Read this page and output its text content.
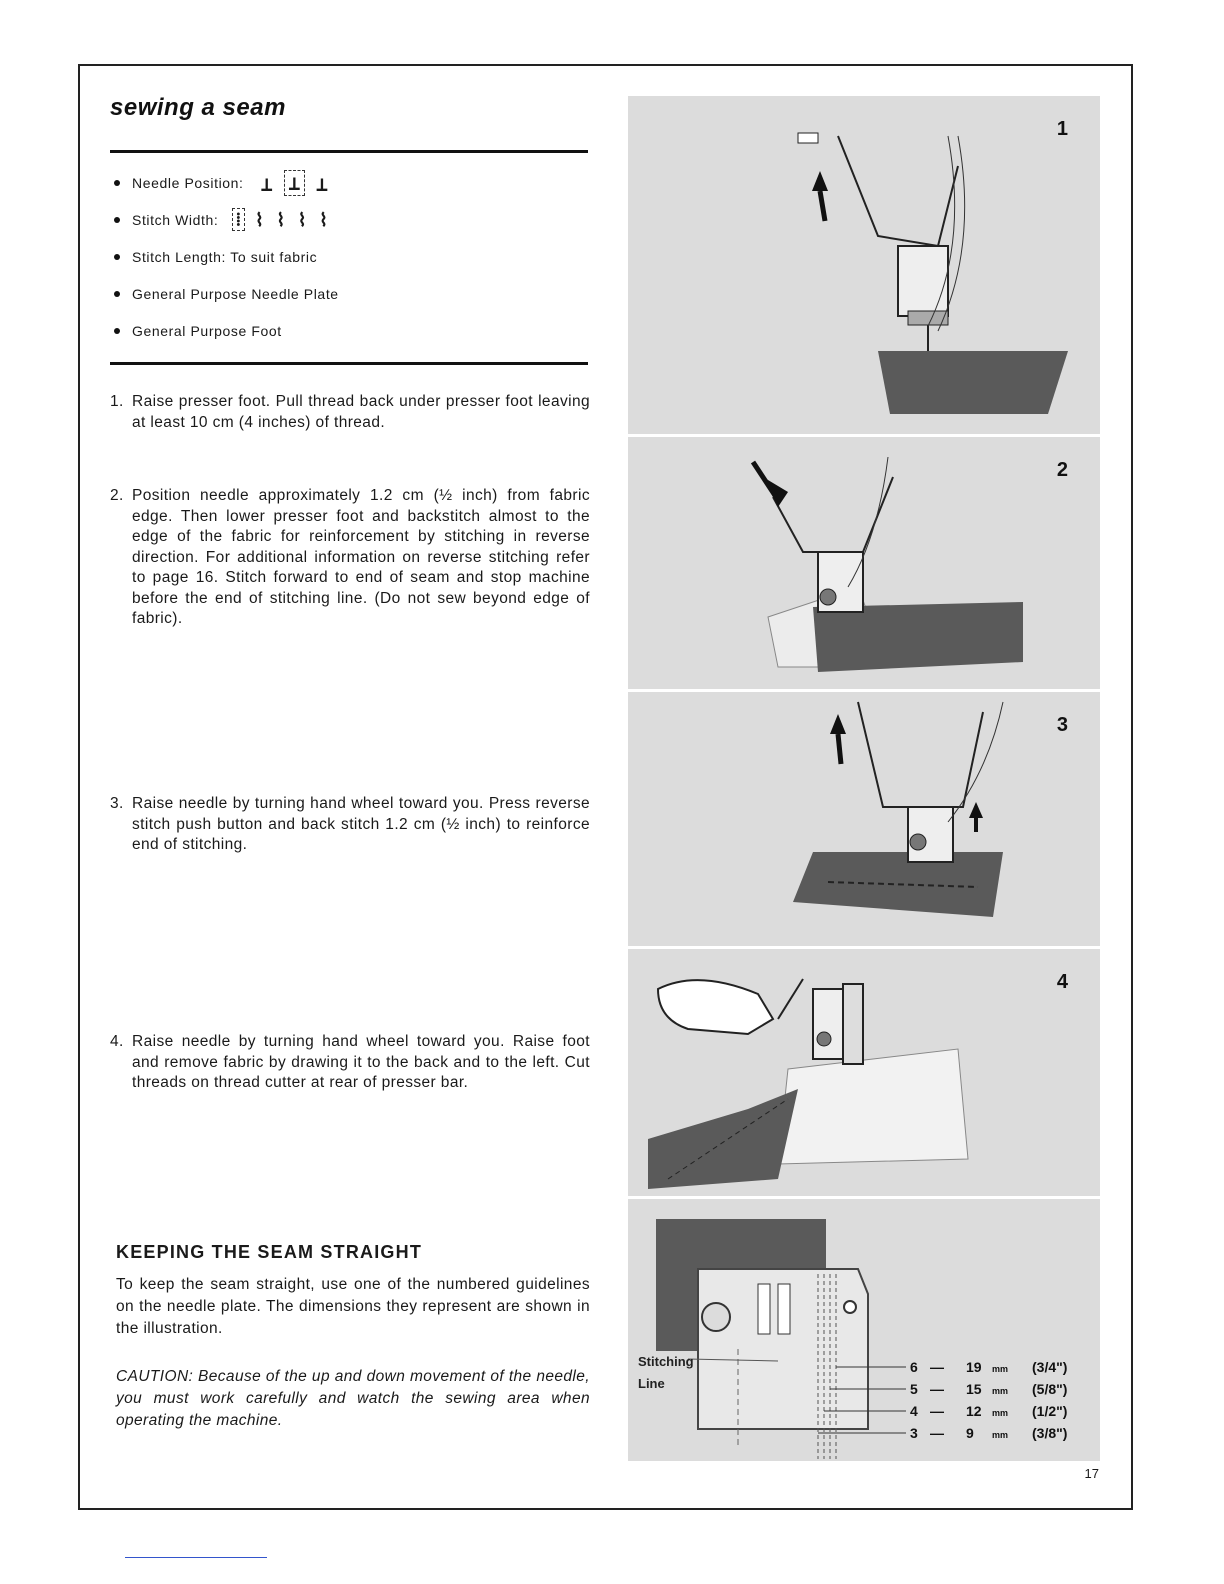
sewing a seam
Needle Position: ⊥ ⊥ ⊥
Stitch Width: ⁞ ⌇ ⌇ ⌇ ⌇
Stitch Length: To suit fabric
General Purpose Needle Plate
General Purpose Foot
1. Raise presser foot. Pull thread back under presser foot leaving at least 10 cm (4 inches) of thread.
2. Position needle approximately 1.2 cm (½ inch) from fabric edge. Then lower presser foot and backstitch almost to the edge of the fabric for reinforcement by stitching in reverse direction. For additional information on reverse stitching refer to page 16. Stitch forward to end of seam and stop machine before the end of stitching line. (Do not sew beyond edge of fabric).
3. Raise needle by turning hand wheel toward you. Press reverse stitch push button and back stitch 1.2 cm (½ inch) to reinforce end of stitching.
4. Raise needle by turning hand wheel toward you. Raise foot and remove fabric by drawing it to the back and to the left. Cut threads on thread cutter at rear of presser bar.
KEEPING THE SEAM STRAIGHT
To keep the seam straight, use one of the numbered guidelines on the needle plate. The dimensions they represent are shown in the illustration.
CAUTION: Because of the up and down movement of the needle, you must work carefully and watch the sewing area when operating the machine.
1
2
3
4
Stitching
Line
6 — 19 mm (3/4")
5 — 15 mm (5/8")
4 — 12 mm (1/2")
3 — 9 mm (3/8")
17
